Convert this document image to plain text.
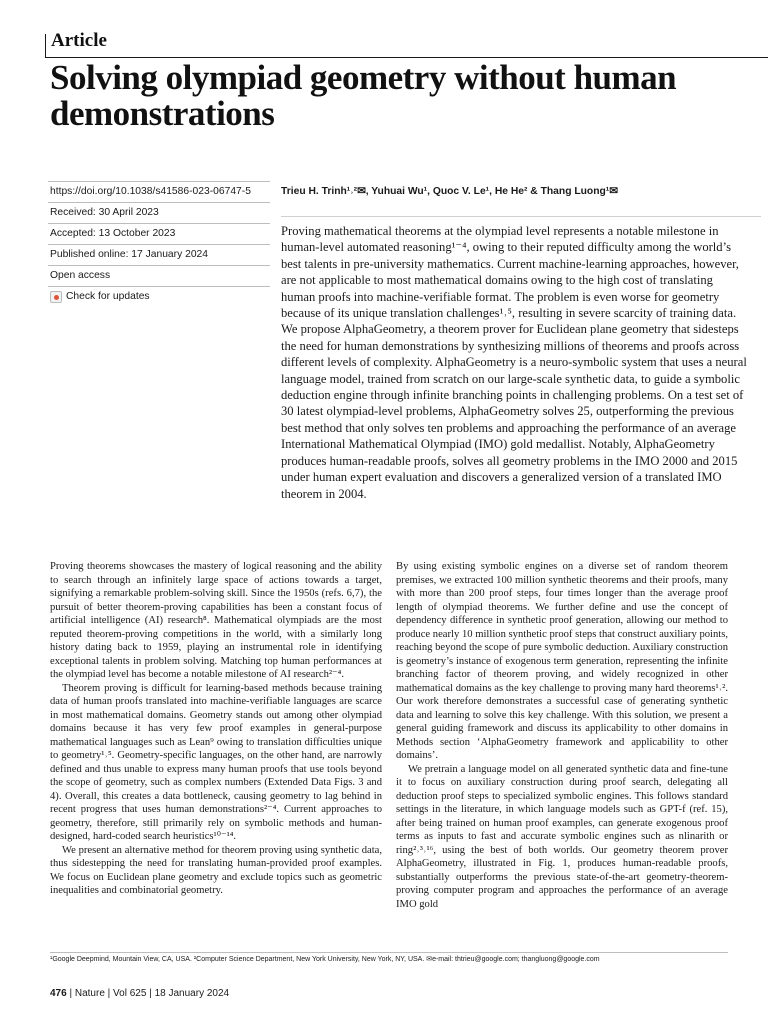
Article
Solving olympiad geometry without human demonstrations
https://doi.org/10.1038/s41586-023-06747-5
Received: 30 April 2023
Accepted: 13 October 2023
Published online: 17 January 2024
Open access
Check for updates
Trieu H. Trinh¹˒²✉, Yuhuai Wu¹, Quoc V. Le¹, He He² & Thang Luong¹✉

Proving mathematical theorems at the olympiad level represents a notable milestone in human-level automated reasoning¹⁻⁴, owing to their reputed difficulty among the world’s best talents in pre-university mathematics. Current machine-learning approaches, however, are not applicable to most mathematical domains owing to the high cost of translating human proofs into machine-verifiable format. The problem is even worse for geometry because of its unique translation challenges¹˒⁵, resulting in severe scarcity of training data. We propose AlphaGeometry, a theorem prover for Euclidean plane geometry that sidesteps the need for human demonstrations by synthesizing millions of theorems and proofs across different levels of complexity. AlphaGeometry is a neuro-symbolic system that uses a neural language model, trained from scratch on our large-scale synthetic data, to guide a symbolic deduction engine through infinite branching points in challenging problems. On a test set of 30 latest olympiad-level problems, AlphaGeometry solves 25, outperforming the previous best method that only solves ten problems and approaching the performance of an average International Mathematical Olympiad (IMO) gold medallist. Notably, AlphaGeometry produces human-readable proofs, solves all geometry problems in the IMO 2000 and 2015 under human expert evaluation and discovers a generalized version of a translated IMO theorem in 2004.

Proving theorems showcases the mastery of logical reasoning and the ability to search through an infinitely large space of actions towards a target, signifying a remarkable problem-solving skill. Since the 1950s (refs. 6,7), the pursuit of better theorem-proving capabilities has been a constant focus of artificial intelligence (AI) research⁸. Mathematical olympiads are the most reputed theorem-proving competitions in the world, with a similarly long history dating back to 1959, playing an instrumental role in identifying exceptional talents in problem solving. Matching top human performances at the olympiad level has become a notable milestone of AI research²⁻⁴.

Theorem proving is difficult for learning-based methods because training data of human proofs translated into machine-verifiable languages are scarce in most mathematical domains. Geometry stands out among other olympiad domains because it has very few proof examples in general-purpose mathematical languages such as Lean⁹ owing to translation difficulties unique to geometry¹˒⁵. Geometry-specific languages, on the other hand, are narrowly defined and thus unable to express many human proofs that use tools beyond the scope of geometry, such as complex numbers (Extended Data Figs. 3 and 4). Overall, this creates a data bottleneck, causing geometry to lag behind in recent progress that uses human demonstrations²⁻⁴. Current approaches to geometry, therefore, still primarily rely on symbolic methods and human-designed, hard-coded search heuristics¹⁰⁻¹⁴.

We present an alternative method for theorem proving using synthetic data, thus sidestepping the need for translating human-provided proof examples. We focus on Euclidean plane geometry and exclude topics such as geometric inequalities and combinatorial geometry.

By using existing symbolic engines on a diverse set of random theorem premises, we extracted 100 million synthetic theorems and their proofs, many with more than 200 proof steps, four times longer than the average proof length of olympiad theorems. We further define and use the concept of dependency difference in synthetic proof generation, allowing our method to produce nearly 10 million synthetic proof steps that construct auxiliary points, reaching beyond the scope of pure symbolic deduction. Auxiliary construction is geometry’s instance of exogenous term generation, representing the infinite branching factor of theorem proving, and widely recognized in other mathematical domains as the key challenge to proving many hard theorems¹˒². Our work therefore demonstrates a successful case of generating synthetic data and learning to solve this key challenge. With this solution, we present a general guiding framework and discuss its applicability to other domains in Methods section ‘AlphaGeometry framework and applicability to other domains’.

We pretrain a language model on all generated synthetic data and fine-tune it to focus on auxiliary construction during proof search, delegating all deduction proof steps to specialized symbolic engines. This follows standard settings in the literature, in which language models such as GPT-f (ref. 15), after being trained on human proof examples, can generate exogenous proof terms as inputs to fast and accurate symbolic engines such as nlinarith or ring²˒³˒¹⁶, using the best of both worlds. Our geometry theorem prover AlphaGeometry, illustrated in Fig. 1, produces human-readable proofs, substantially outperforms the previous state-of-the-art geometry-theorem-proving computer program and approaches the performance of an average IMO gold

¹Google Deepmind, Mountain View, CA, USA. ²Computer Science Department, New York University, New York, NY, USA. ✉e-mail: thtrieu@google.com; thangluong@google.com
476 | Nature | Vol 625 | 18 January 2024
